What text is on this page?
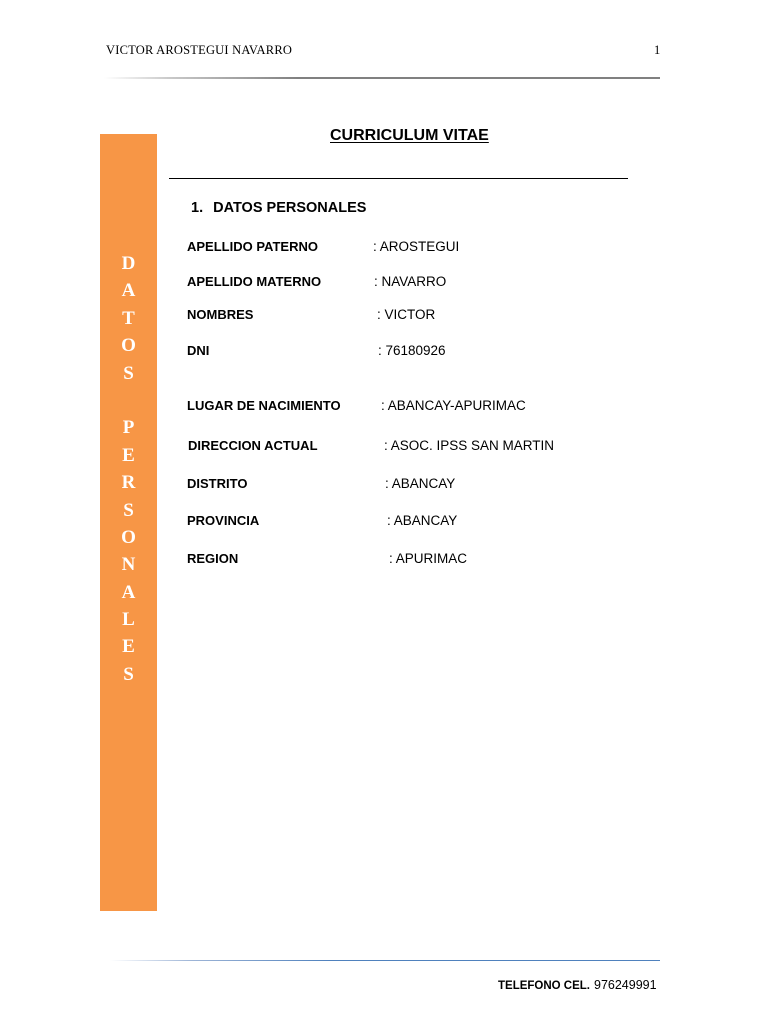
VICTOR AROSTEGUI NAVARRO	1
D
A
T
O
S
P
E
R
S
O
N
A
L
E
S
CURRICULUM VITAE
1. DATOS PERSONALES
APELLIDO PATERNO	: AROSTEGUI
APELLIDO MATERNO	: NAVARRO
NOMBRES	: VICTOR
DNI	: 76180926
LUGAR DE NACIMIENTO	: ABANCAY-APURIMAC
DIRECCION ACTUAL	: ASOC. IPSS SAN MARTIN
DISTRITO	: ABANCAY
PROVINCIA	: ABANCAY
REGION	: APURIMAC
TELEFONO CEL. 976249991
